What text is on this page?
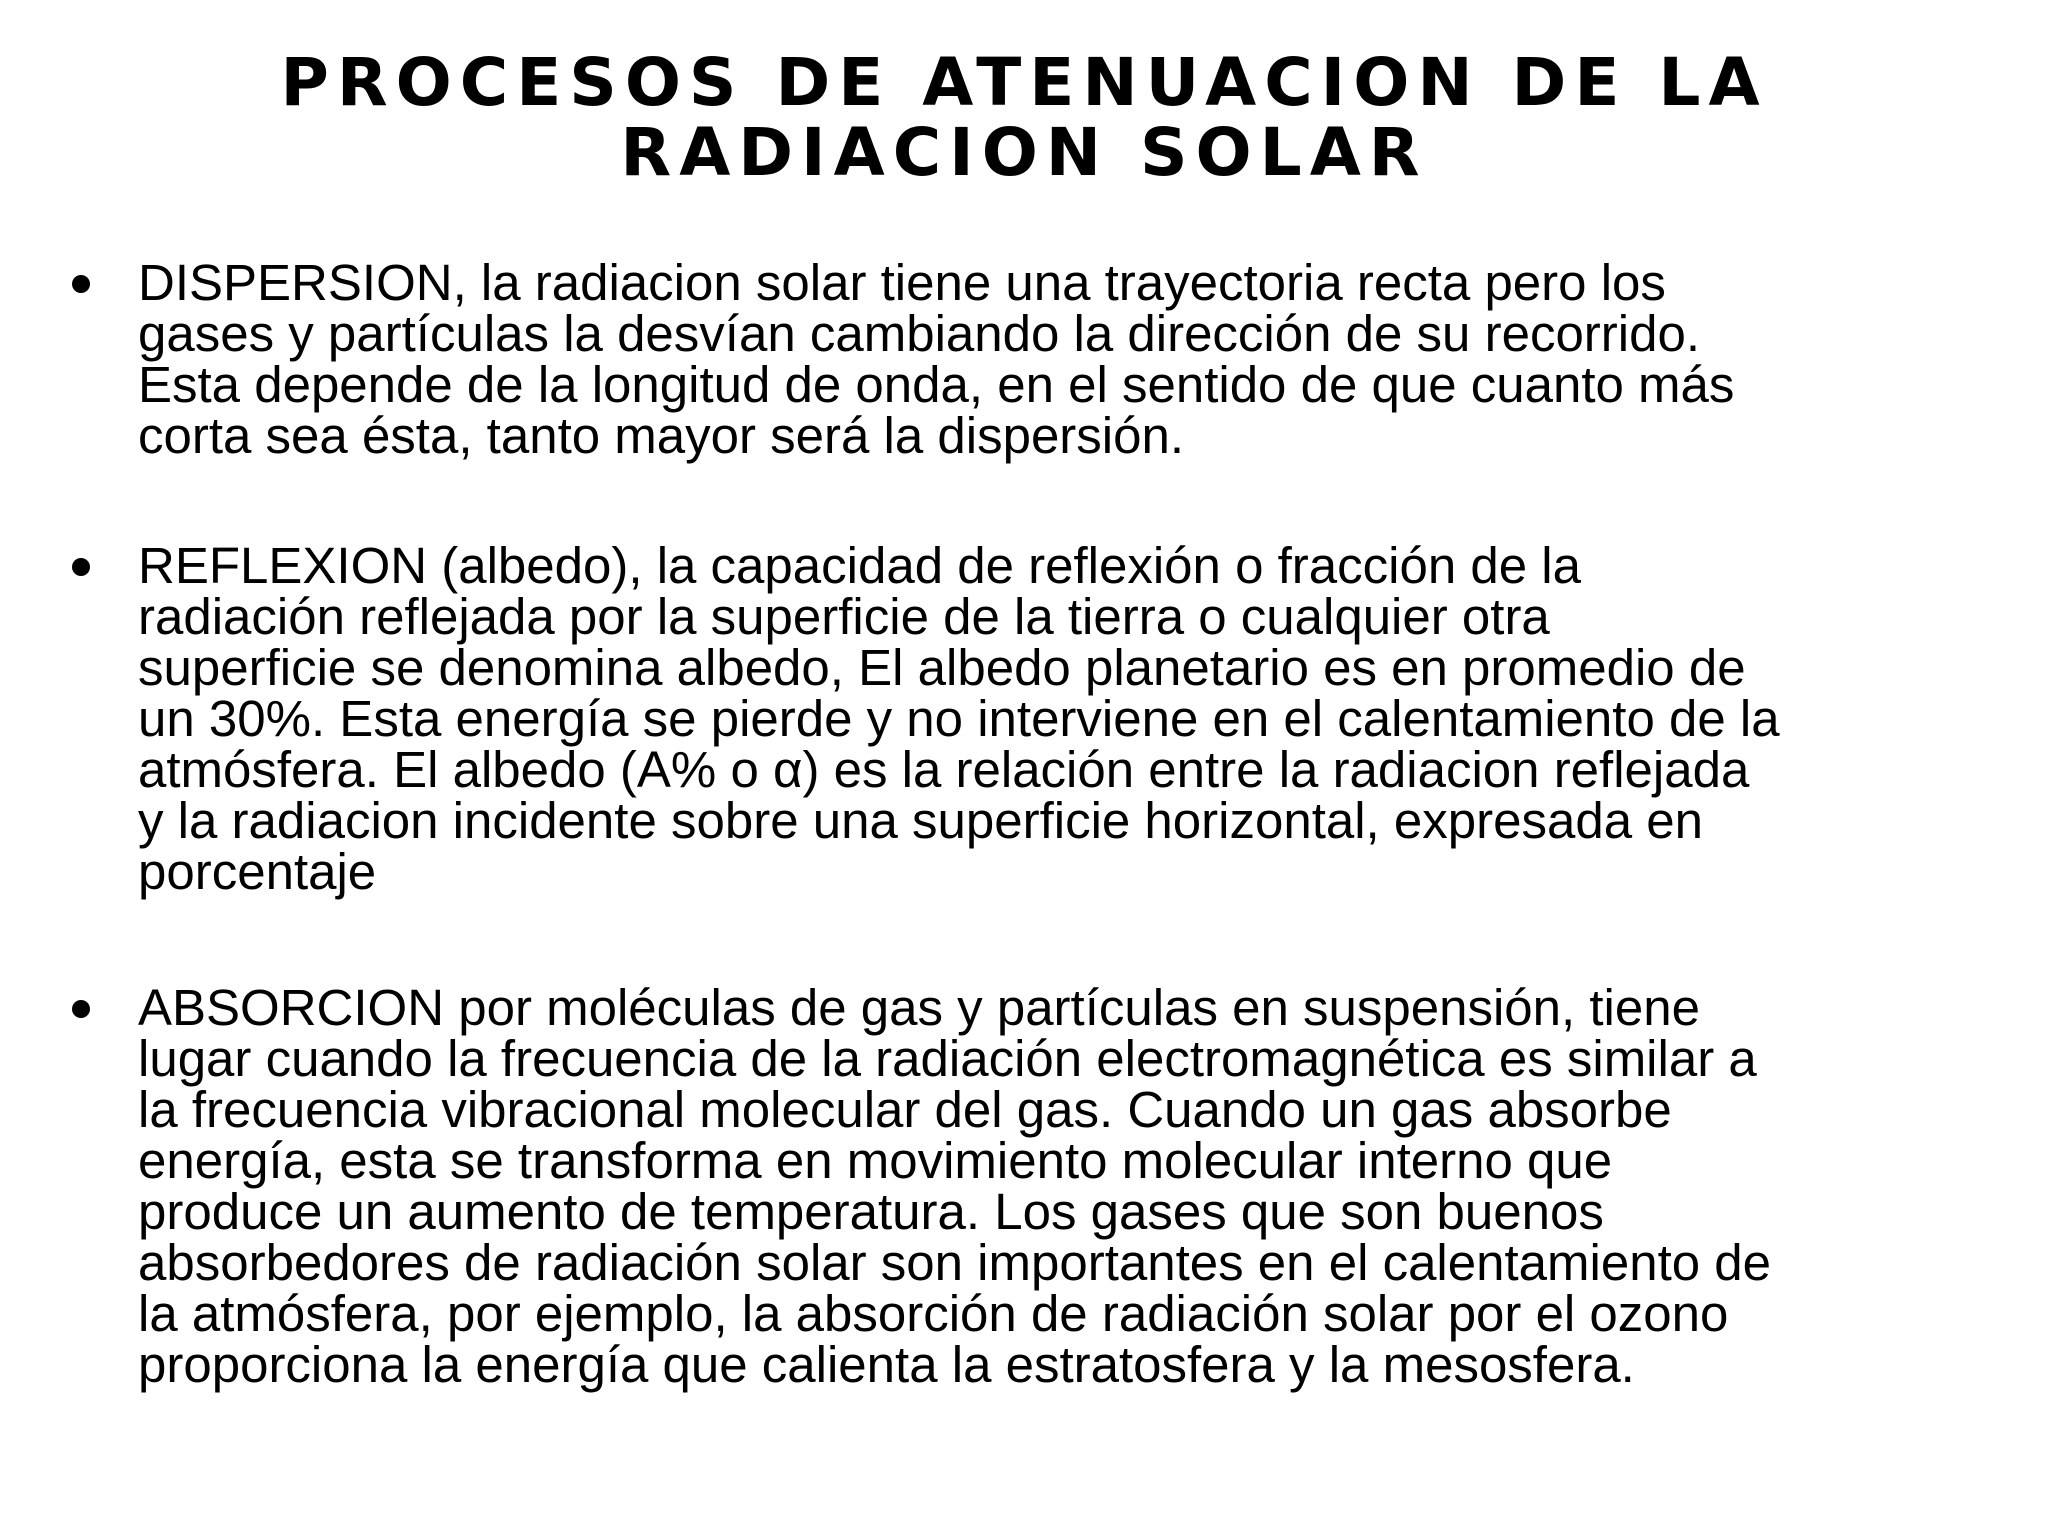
PROCESOS DE ATENUACION DE LA
RADIACION SOLAR

DISPERSION, la radiacion solar tiene una trayectoria recta pero los
gases y partículas la desvían cambiando la dirección de su recorrido.
Esta depende de la longitud de onda, en el sentido de que cuanto más
corta sea ésta, tanto mayor será la dispersión.

REFLEXION (albedo), la capacidad de reflexión o fracción de la
radiación reflejada por la superficie de la tierra o cualquier otra
superficie se denomina albedo, El albedo planetario es en promedio de
un 30%. Esta energía se pierde y no interviene en el calentamiento de la
atmósfera. El albedo (A% o α) es la relación entre la radiacion reflejada
y la radiacion incidente sobre una superficie horizontal, expresada en
porcentaje

ABSORCION por moléculas de gas y partículas en suspensión, tiene
lugar cuando la frecuencia de la radiación electromagnética es similar a
la frecuencia vibracional molecular del gas. Cuando un gas absorbe
energía, esta se transforma en movimiento molecular interno que
produce un aumento de temperatura. Los gases que son buenos
absorbedores de radiación solar son importantes en el calentamiento de
la atmósfera, por ejemplo, la absorción de radiación solar por el ozono
proporciona la energía que calienta la estratosfera y la mesosfera.
